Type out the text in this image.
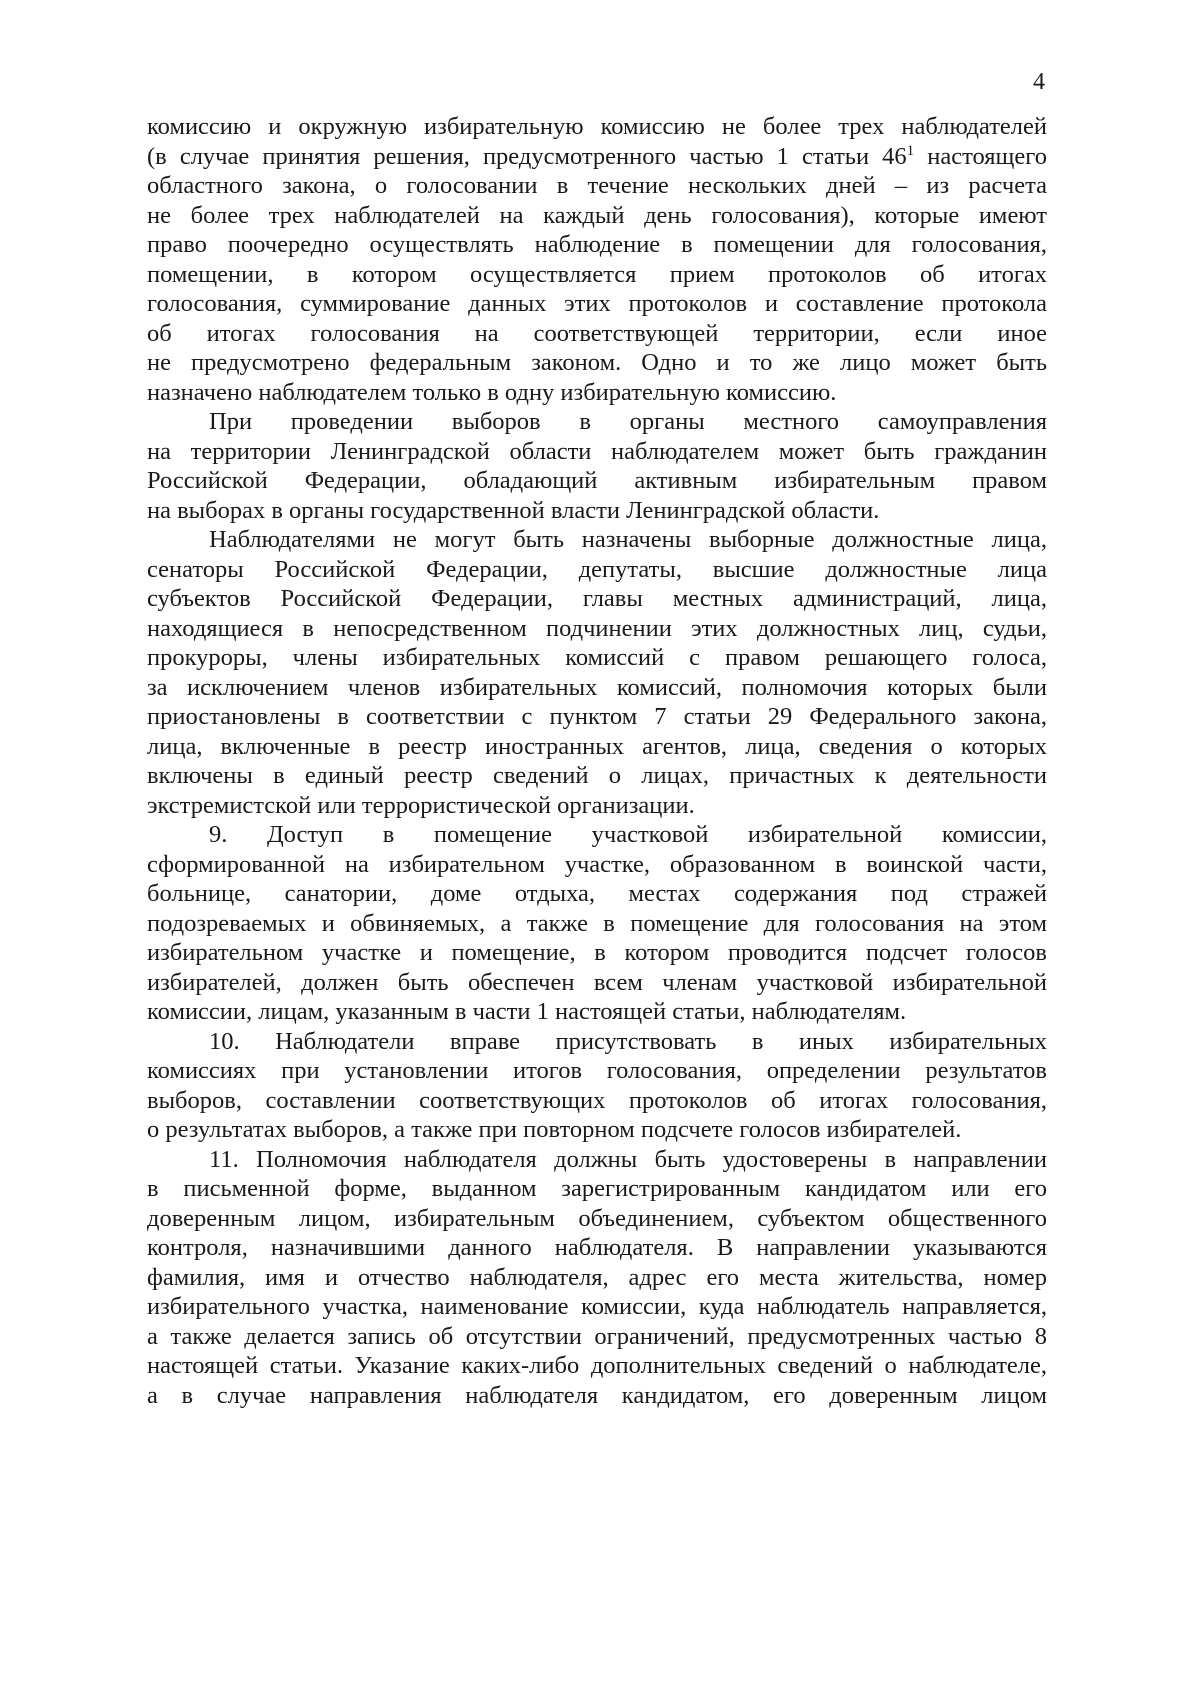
4
комиссию и окружную избирательную комиссию не более трех наблюдателей
(в случае принятия решения, предусмотренного частью 1 статьи $46^1$ настоящего
областного закона, о голосовании в течение нескольких дней – из расчета
не более трех наблюдателей на каждый день голосования), которые имеют
право поочередно осуществлять наблюдение в помещении для голосования,
помещении, в котором осуществляется прием протоколов об итогах
голосования, суммирование данных этих протоколов и составление протокола
об итогах голосования на соответствующей территории, если иное
не предусмотрено федеральным законом. Одно и то же лицо может быть
назначено наблюдателем только в одну избирательную комиссию.
При проведении выборов в органы местного самоуправления
на территории Ленинградской области наблюдателем может быть гражданин
Российской Федерации, обладающий активным избирательным правом
на выборах в органы государственной власти Ленинградской области.
Наблюдателями не могут быть назначены выборные должностные лица,
сенаторы Российской Федерации, депутаты, высшие должностные лица
субъектов Российской Федерации, главы местных администраций, лица,
находящиеся в непосредственном подчинении этих должностных лиц, судьи,
прокуроры, члены избирательных комиссий с правом решающего голоса,
за исключением членов избирательных комиссий, полномочия которых были
приостановлены в соответствии с пунктом 7 статьи 29 Федерального закона,
лица, включенные в реестр иностранных агентов, лица, сведения о которых
включены в единый реестр сведений о лицах, причастных к деятельности
экстремистской или террористической организации.
9. Доступ в помещение участковой избирательной комиссии,
сформированной на избирательном участке, образованном в воинской части,
больнице, санатории, доме отдыха, местах содержания под стражей
подозреваемых и обвиняемых, а также в помещение для голосования на этом
избирательном участке и помещение, в котором проводится подсчет голосов
избирателей, должен быть обеспечен всем членам участковой избирательной
комиссии, лицам, указанным в части 1 настоящей статьи, наблюдателям.
10. Наблюдатели вправе присутствовать в иных избирательных
комиссиях при установлении итогов голосования, определении результатов
выборов, составлении соответствующих протоколов об итогах голосования,
о результатах выборов, а также при повторном подсчете голосов избирателей.
11. Полномочия наблюдателя должны быть удостоверены в направлении
в письменной форме, выданном зарегистрированным кандидатом или его
доверенным лицом, избирательным объединением, субъектом общественного
контроля, назначившими данного наблюдателя. В направлении указываются
фамилия, имя и отчество наблюдателя, адрес его места жительства, номер
избирательного участка, наименование комиссии, куда наблюдатель направляется,
а также делается запись об отсутствии ограничений, предусмотренных частью 8
настоящей статьи. Указание каких-либо дополнительных сведений о наблюдателе,
а в случае направления наблюдателя кандидатом, его доверенным лицом
